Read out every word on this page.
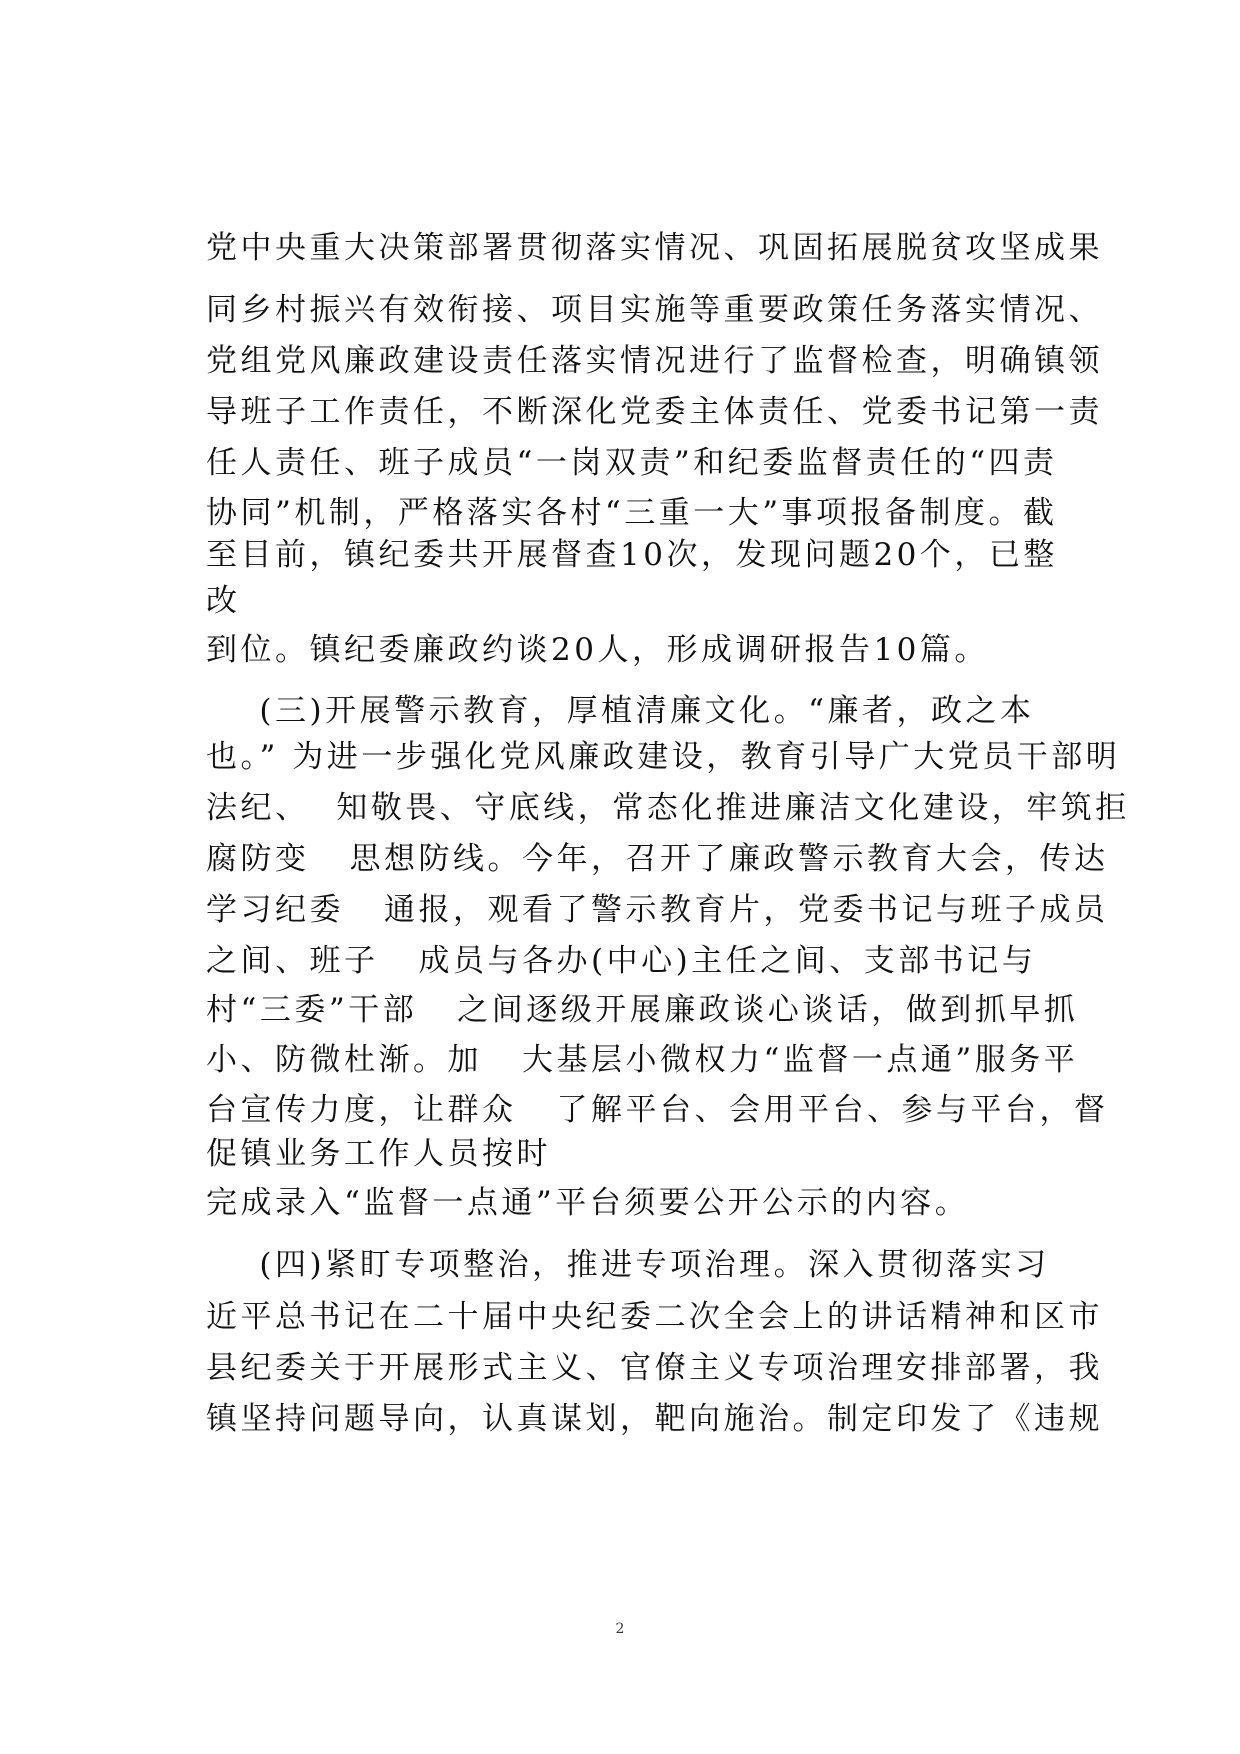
党中央重大决策部署贯彻落实情况、巩固拓展脱贫攻坚成果
同乡村振兴有效衔接、项目实施等重要政策任务落实情况、
党组党风廉政建设责任落实情况进行了监督检查，明确镇领
导班子工作责任，不断深化党委主体责任、党委书记第一责
任人责任、班子成员“一岗双责”和纪委监督责任的“四责
协同”机制，严格落实各村“三重一大”事项报备制度。截
至目前，镇纪委共开展督查10次，发现问题20个，已整
改
到位。镇纪委廉政约谈20人，形成调研报告10篇。
(三)开展警示教育，厚植清廉文化。“廉者，政之本
也。” 为进一步强化党风廉政建设，教育引导广大党员干部明
法纪、  知敬畏、守底线，常态化推进廉洁文化建设，牢筑拒
腐防变   思想防线。今年，召开了廉政警示教育大会，传达
学习纪委   通报，观看了警示教育片，党委书记与班子成员
之间、班子   成员与各办(中心)主任之间、支部书记与
村“三委”干部   之间逐级开展廉政谈心谈话，做到抓早抓
小、防微杜渐。加   大基层小微权力“监督一点通”服务平
台宣传力度，让群众   了解平台、会用平台、参与平台，督
促镇业务工作人员按时
完成录入“监督一点通”平台须要公开公示的内容。
(四)紧盯专项整治，推进专项治理。深入贯彻落实习
近平总书记在二十届中央纪委二次全会上的讲话精神和区市
县纪委关于开展形式主义、官僚主义专项治理安排部署，我
镇坚持问题导向，认真谋划，靶向施治。制定印发了《违规
2
